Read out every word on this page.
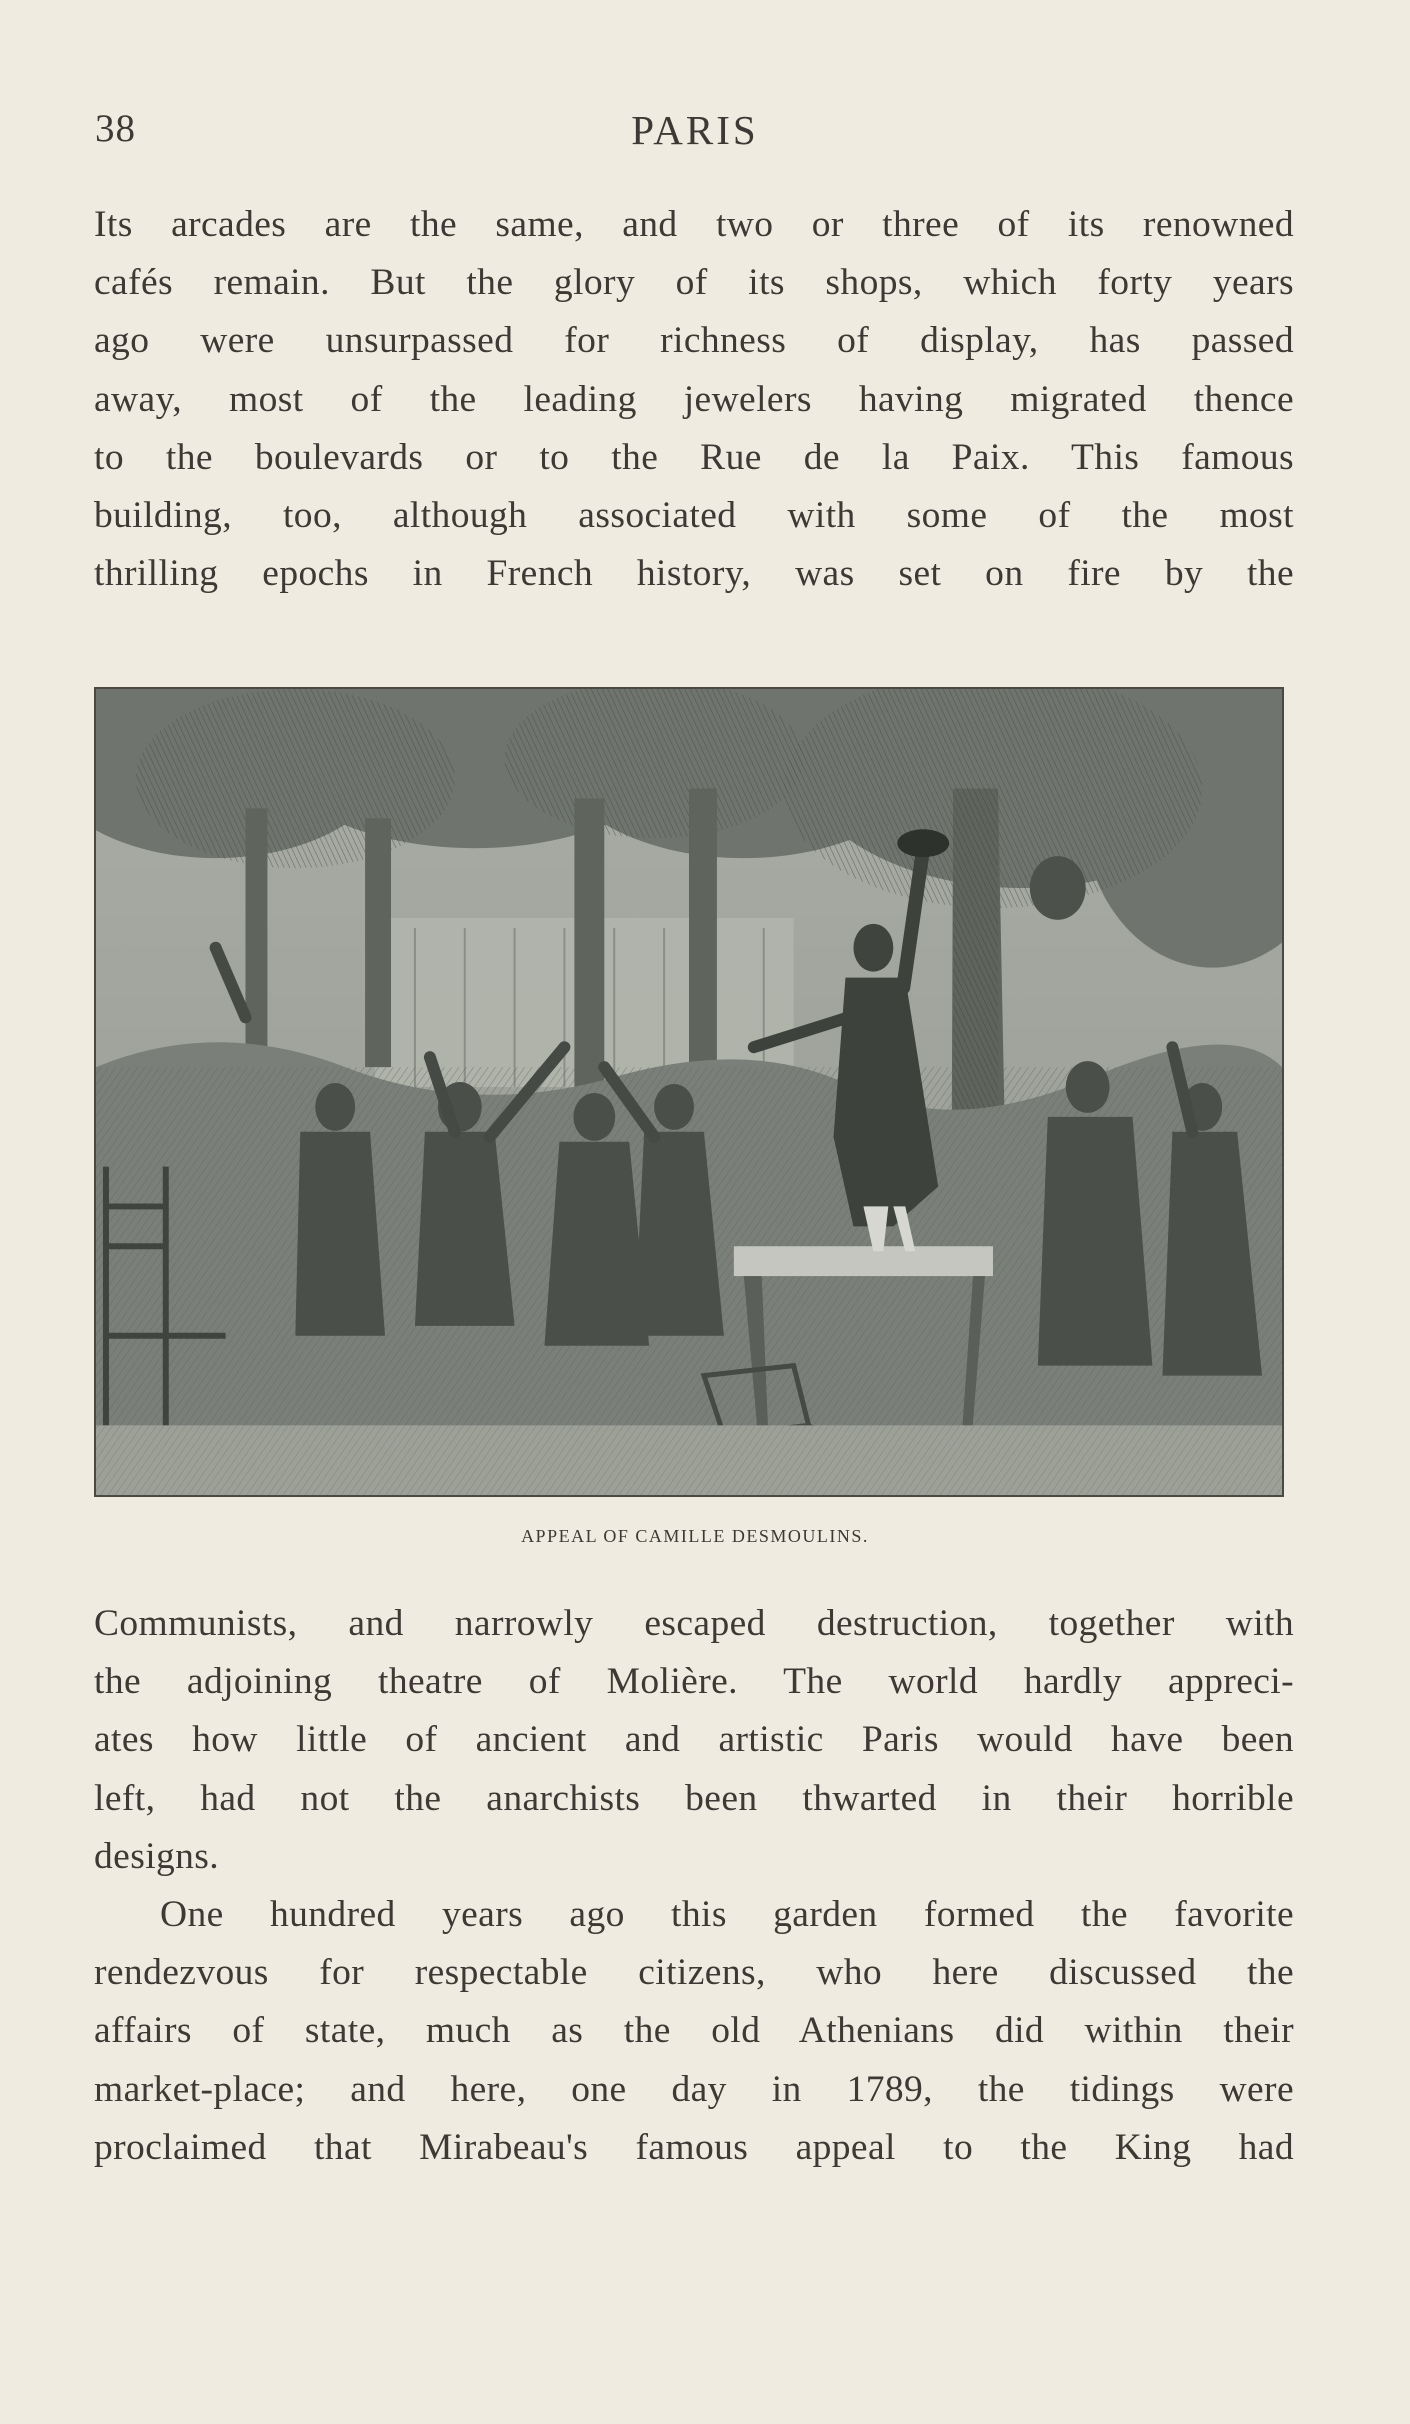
38	PARIS
Its arcades are the same, and two or three of its renowned
cafés remain. But the glory of its shops, which forty years
ago were unsurpassed for richness of display, has passed
away, most of the leading jewelers having migrated thence
to the boulevards or to the Rue de la Paix. This famous
building, too, although associated with some of the most
thrilling epochs in French history, was set on fire by the
APPEAL OF CAMILLE DESMOULINS.
Communists, and narrowly escaped destruction, together with
the adjoining theatre of Molière. The world hardly appreci-
ates how little of ancient and artistic Paris would have been
left, had not the anarchists been thwarted in their horrible
designs.
One hundred years ago this garden formed the favorite
rendezvous for respectable citizens, who here discussed the
affairs of state, much as the old Athenians did within their
market-place; and here, one day in 1789, the tidings were
proclaimed that Mirabeau's famous appeal to the King had
